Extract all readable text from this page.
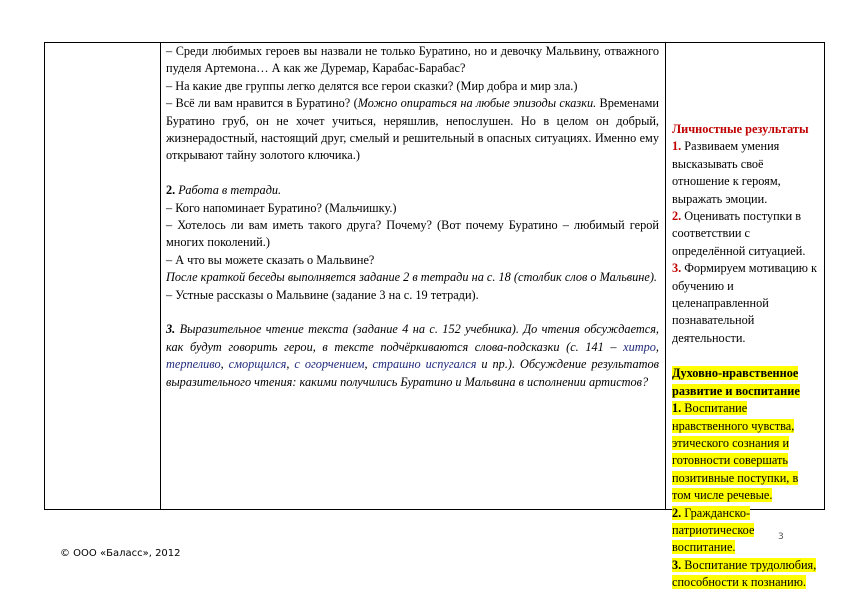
– Среди любимых героев вы назвали не только Буратино, но и девочку Мальвину, отважного пуделя Артемона… А как же Дуремар, Карабас-Барабас?

– На какие две группы легко делятся все герои сказки? (Мир добра и мир зла.)

– Всё ли вам нравится в Буратино? (Можно опираться на любые эпизоды сказки. Временами Буратино груб, он не хочет учиться, неряшлив, непослушен. Но в целом он добрый, жизнерадостный, настоящий друг, смелый и решительный в опасных ситуациях. Именно ему открывают тайну золотого ключика.)

2. Работа в тетради.

– Кого напоминает Буратино? (Мальчишку.)

– Хотелось ли вам иметь такого друга? Почему? (Вот почему Буратино – любимый герой многих поколений.)

– А что вы можете сказать о Мальвине?

После краткой беседы выполняется задание 2 в тетради на с. 18 (столбик слов о Мальвине).

– Устные рассказы о Мальвине (задание 3 на с. 19 тетради).

3. Выразительное чтение текста (задание 4 на с. 152 учебника). До чтения обсуждается, как будут говорить герои, в тексте подчёркиваются слова-подсказки (с. 141 – хитро, терпеливо, сморщился, с огорчением, страшно испугался и пр.). Обсуждение результатов выразительного чтения: какими получились Буратино и Мальвина в исполнении артистов?

Личностные результаты
1. Развиваем умения высказывать своё отношение к героям, выражать эмоции.
2. Оценивать поступки в соответствии с определённой ситуацией.
3. Формируем мотивацию к обучению и целенаправленной познавательной деятельности.
Духовно-нравственное развитие и воспитание
1. Воспитание нравственного чувства, этического сознания и готовности совершать позитивные поступки, в том числе речевые.
2. Гражданско-патриотическое воспитание.
3. Воспитание трудолюбия, способности к познанию.
3
© ООО «Баласс», 2012
